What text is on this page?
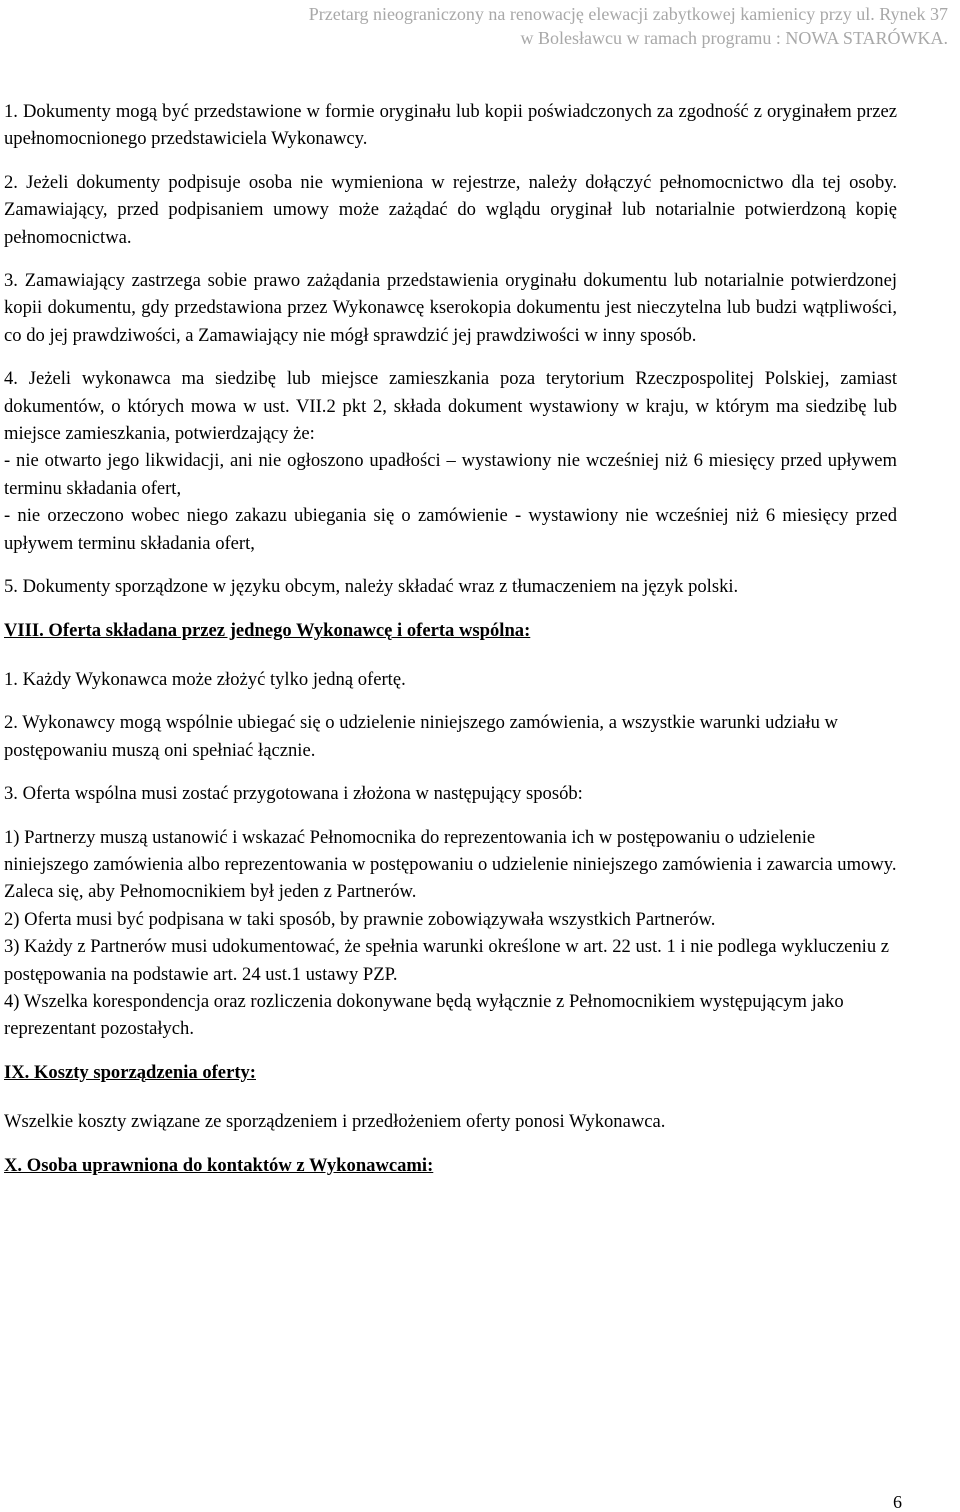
Przetarg nieograniczony na renowację elewacji zabytkowej kamienicy przy ul. Rynek 37
w Bolesławcu w ramach programu : NOWA STARÓWKA.

1. Dokumenty mogą być przedstawione w formie oryginału lub kopii poświadczonych za zgodność z oryginałem przez upełnomocnionego przedstawiciela Wykonawcy.

2. Jeżeli dokumenty podpisuje osoba nie wymieniona w rejestrze, należy dołączyć pełnomocnictwo dla tej osoby. Zamawiający, przed podpisaniem umowy może zażądać do wglądu oryginał lub notarialnie potwierdzoną kopię pełnomocnictwa.

3. Zamawiający zastrzega sobie prawo zażądania przedstawienia oryginału dokumentu lub notarialnie potwierdzonej kopii dokumentu, gdy przedstawiona przez Wykonawcę kserokopia dokumentu jest nieczytelna lub budzi wątpliwości, co do jej prawdziwości, a Zamawiający nie mógł sprawdzić jej prawdziwości w inny sposób.

4. Jeżeli wykonawca ma siedzibę lub miejsce zamieszkania poza terytorium Rzeczpospolitej Polskiej, zamiast dokumentów, o których mowa w ust. VII.2 pkt 2, składa dokument wystawiony w kraju, w którym ma siedzibę lub miejsce zamieszkania, potwierdzający że:

- nie otwarto jego likwidacji, ani nie ogłoszono upadłości – wystawiony nie wcześniej niż 6 miesięcy przed upływem terminu składania ofert,

- nie orzeczono wobec niego zakazu ubiegania się o zamówienie - wystawiony nie wcześniej niż 6 miesięcy przed upływem terminu składania ofert,

5. Dokumenty sporządzone w języku obcym, należy składać wraz z tłumaczeniem na język polski.

VIII. Oferta składana przez jednego Wykonawcę i oferta wspólna:

1. Każdy Wykonawca może złożyć tylko jedną ofertę.

2. Wykonawcy mogą wspólnie ubiegać się o udzielenie niniejszego zamówienia, a wszystkie warunki udziału w postępowaniu muszą oni spełniać łącznie.

3. Oferta wspólna musi zostać przygotowana i złożona w następujący sposób:

1) Partnerzy muszą ustanowić i wskazać Pełnomocnika do reprezentowania ich w postępowaniu o udzielenie niniejszego zamówienia albo reprezentowania w postępowaniu o udzielenie niniejszego zamówienia i zawarcia umowy. Zaleca się, aby Pełnomocnikiem był jeden z Partnerów.

2) Oferta musi być podpisana w taki sposób, by prawnie zobowiązywała wszystkich Partnerów.

3) Każdy z Partnerów musi udokumentować, że spełnia warunki określone w art. 22 ust. 1 i nie podlega wykluczeniu z postępowania na podstawie art. 24 ust.1 ustawy PZP.

4) Wszelka korespondencja oraz rozliczenia dokonywane będą wyłącznie z Pełnomocnikiem występującym jako reprezentant pozostałych.

IX. Koszty sporządzenia oferty:

Wszelkie koszty związane ze sporządzeniem i przedłożeniem oferty ponosi Wykonawca.

X. Osoba uprawniona do kontaktów z Wykonawcami:

6
